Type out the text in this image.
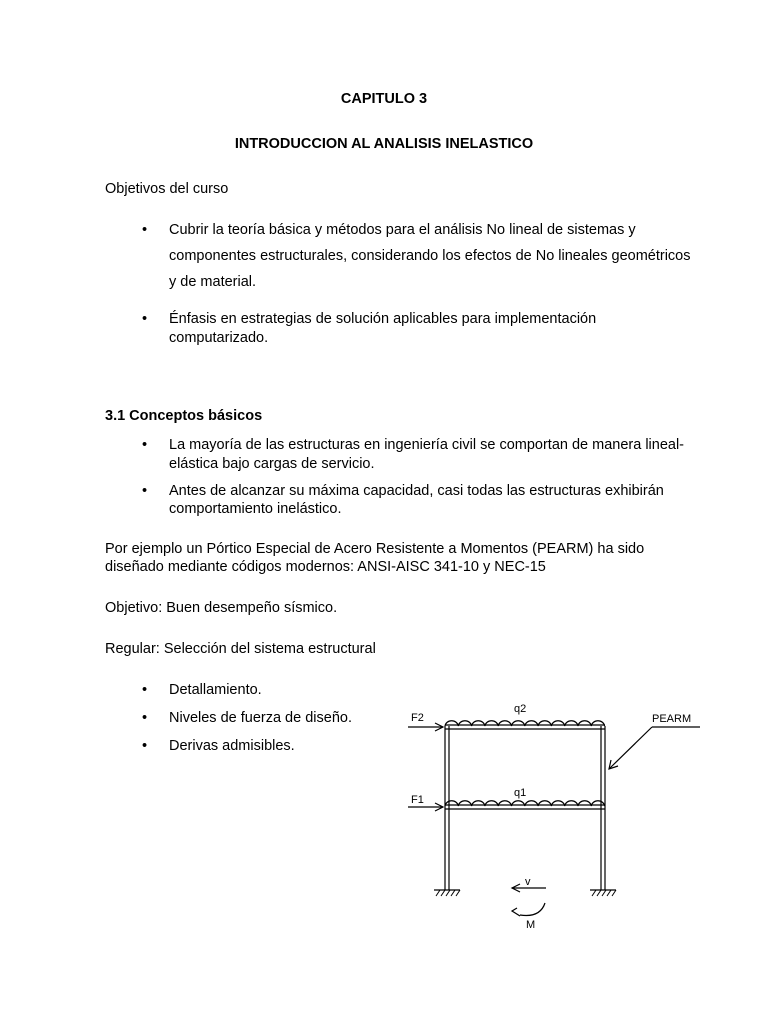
CAPITULO 3
INTRODUCCION AL ANALISIS INELASTICO
Objetivos del curso
• Cubrir la teoría básica y métodos para el análisis No lineal de sistemas y
componentes estructurales, considerando los efectos de No lineales geométricos
y de material.
• Énfasis en estrategias de solución aplicables para implementación
computarizado.
3.1 Conceptos básicos
• La mayoría de las estructuras en ingeniería civil se comportan de manera lineal-
elástica bajo cargas de servicio.
• Antes de alcanzar su máxima capacidad, casi todas las estructuras exhibirán
comportamiento inelástico.
Por ejemplo un Pórtico Especial de Acero Resistente a Momentos (PEARM) ha sido
diseñado mediante códigos modernos: ANSI-AISC 341-10 y NEC-15
Objetivo: Buen desempeño sísmico.
Regular: Selección del sistema estructural
• Detallamiento.
• Niveles de fuerza de diseño.
• Derivas admisibles.
F2
F1
q2
q1
PEARM
v
M
